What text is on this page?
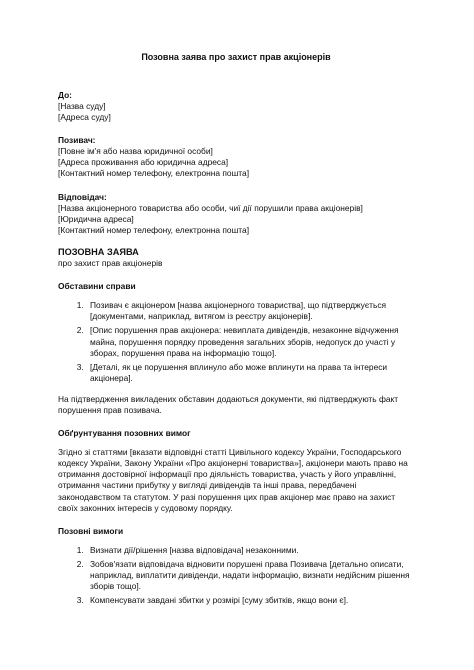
Позовна заява про захист прав акціонерів
До:
[Назва суду]
[Адреса суду]
Позивач:
[Повне ім'я або назва юридичної особи]
[Адреса проживання або юридична адреса]
[Контактний номер телефону, електронна пошта]
Відповідач:
[Назва акціонерного товариства або особи, чиї дії порушили права акціонерів]
[Юридична адреса]
[Контактний номер телефону, електронна пошта]
ПОЗОВНА ЗАЯВА
про захист прав акціонерів
Обставини справи
1. Позивач є акціонером [назва акціонерного товариства], що підтверджується [документами, наприклад, витягом із реєстру акціонерів].
2. [Опис порушення прав акціонера: невиплата дивідендів, незаконне відчуження майна, порушення порядку проведення загальних зборів, недопуск до участі у зборах, порушення права на інформацію тощо].
3. [Деталі, як це порушення вплинуло або може вплинути на права та інтереси акціонера].

На підтвердження викладених обставин додаються документи, які підтверджують факт порушення прав позивача.

Обґрунтування позовних вимог

Згідно зі статтями [вказати відповідні статті Цивільного кодексу України, Господарського кодексу України, Закону України «Про акціонерні товариства»], акціонери мають право на отримання достовірної інформації про діяльність товариства, участь у його управлінні, отримання частини прибутку у вигляді дивідендів та інші права, передбачені законодавством та статутом. У разі порушення цих прав акціонер має право на захист своїх законних інтересів у судовому порядку.

Позовні вимоги
1. Визнати дії/рішення [назва відповідача] незаконними.
2. Зобов'язати відповідача відновити порушені права Позивача [детально описати, наприклад, виплатити дивіденди, надати інформацію, визнати недійсним рішення зборів тощо].
3. Компенсувати завдані збитки у розмірі [суму збитків, якщо вони є].
